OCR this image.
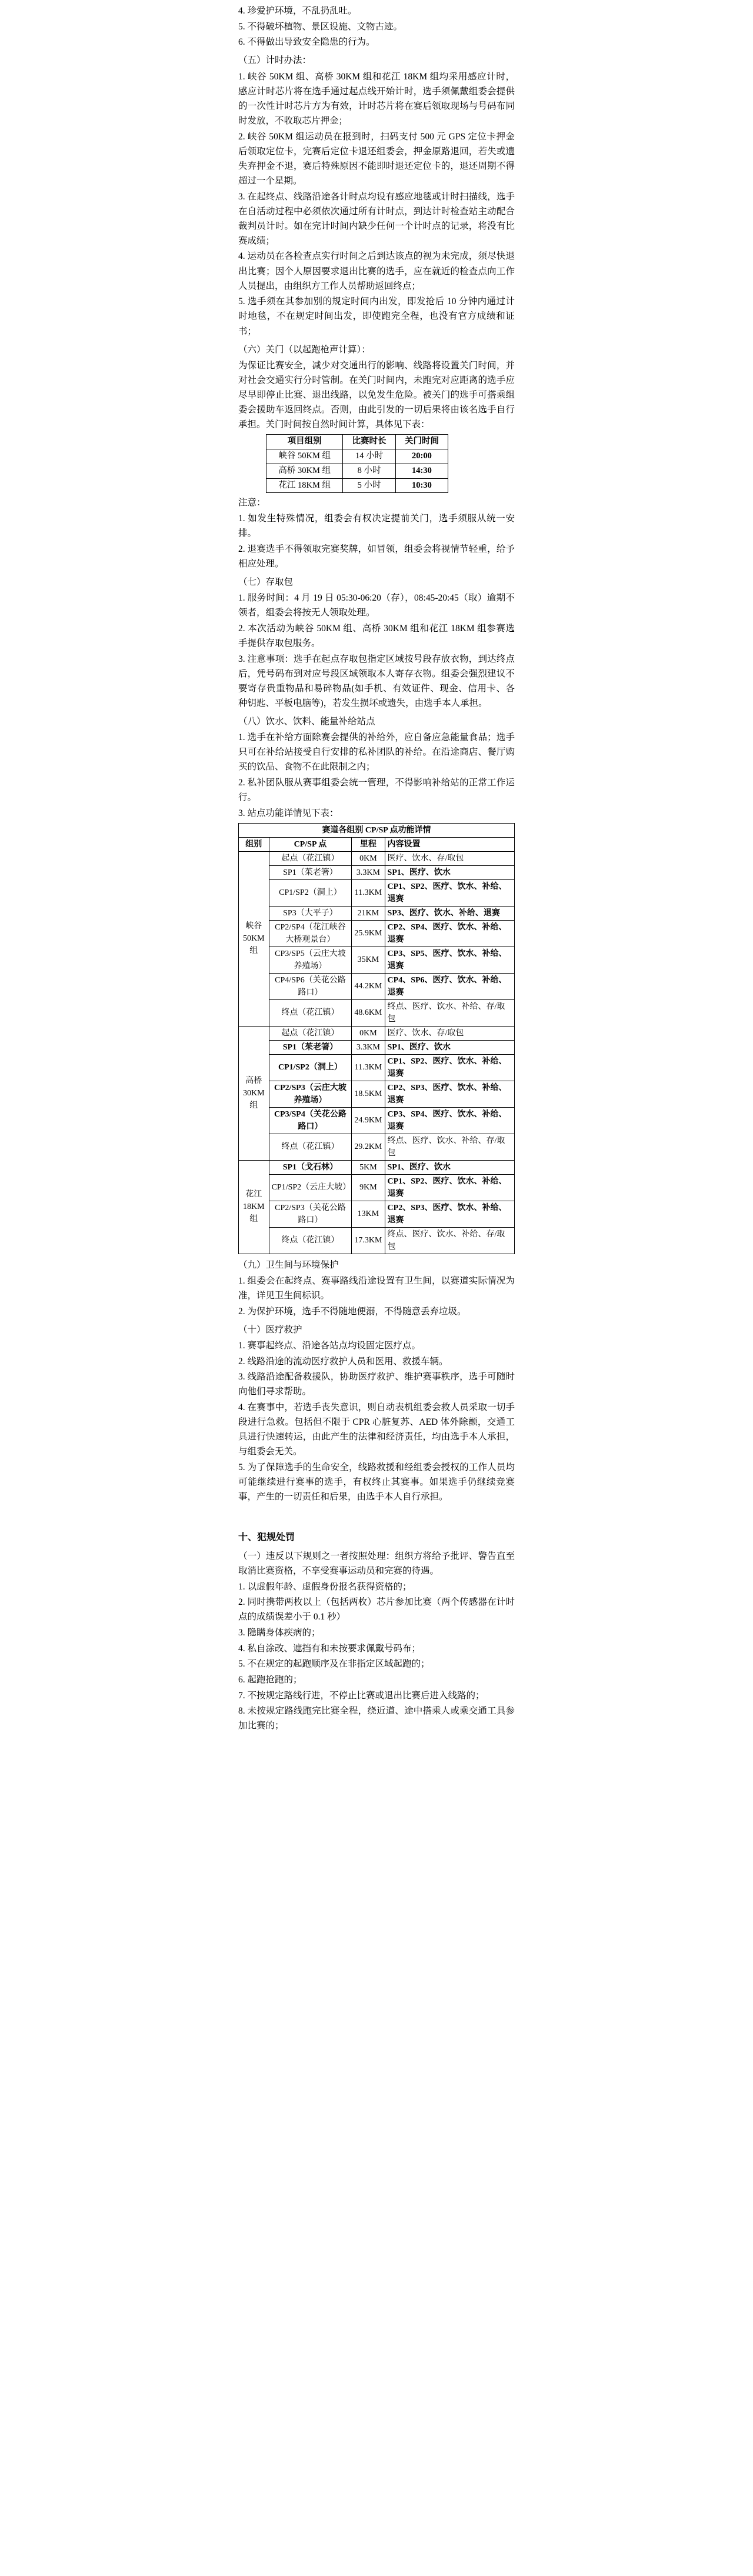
4. 珍爱护环境，不乱扔乱吐。

5. 不得破坏植物、景区设施、文物古迹。

6. 不得做出导致安全隐患的行为。

（五）计时办法：

1. 峡谷 50KM 组、高桥 30KM 组和花江 18KM 组均采用感应计时，感应计时芯片将在选手通过起点线开始计时，选手须佩戴组委会提供的一次性计时芯片方为有效，计时芯片将在赛后领取现场与号码布同时发放，不收取芯片押金；

2. 峡谷 50KM 组运动员在报到时，扫码支付 500 元 GPS 定位卡押金后领取定位卡，完赛后定位卡退还组委会，押金原路退回，若失或遗失弃押金不退，赛后特殊原因不能即时退还定位卡的，退还周期不得超过一个星期。

3. 在起终点、线路沿途各计时点均设有感应地毯或计时扫描线，选手在自活动过程中必须依次通过所有计时点，到达计时检查站主动配合裁判员计时。如在完计时间内缺少任何一个计时点的记录，将没有比赛成绩；

4. 运动员在各检查点实行时间之后到达该点的视为未完成，须尽快退出比赛；因个人原因要求退出比赛的选手，应在就近的检查点向工作人员提出，由组织方工作人员帮助返回终点；

5. 选手须在其参加别的规定时间内出发，即发抢后 10 分钟内通过计时地毯，不在规定时间出发，即使跑完全程，也没有官方成绩和证书；

（六）关门（以起跑枪声计算）：

为保证比赛安全，减少对交通出行的影响、线路将设置关门时间，并对社会交通实行分时管制。在关门时间内，未跑完对应距离的选手应尽早即停止比赛、退出线路，以免发生危险。被关门的选手可搭乘组委会援助车返回终点。否则，由此引发的一切后果将由该名选手自行承担。关门时间按自然时间计算，具体见下表：

项目组别	比赛时长	关门时间
峡谷 50KM 组	14 小时	20:00
高桥 30KM 组	8 小时	14:30
花江 18KM 组	5 小时	10:30

注意：

1. 如发生特殊情况，组委会有权决定提前关门，选手须服从统一安排。

2. 退赛选手不得领取完赛奖牌，如冒领，组委会将视情节轻重，给予相应处理。

（七）存取包

1. 服务时间：4 月 19 日 05:30-06:20（存），08:45-20:45（取）逾期不领者，组委会将按无人领取处理。

2. 本次活动为峡谷 50KM 组、高桥 30KM 组和花江 18KM 组参赛选手提供存取包服务。

3. 注意事项：选手在起点存取包指定区域按号段存放衣物，到达终点后，凭号码布到对应号段区域领取本人寄存衣物。组委会强烈建议不要寄存贵重物品和易碎物品(如手机、有效证件、现金、信用卡、各种钥匙、平板电脑等)，若发生损坏或遗失，由选手本人承担。

（八）饮水、饮料、能量补给站点

1. 选手在补给方面除赛会提供的补给外，应自备应急能量食品；选手只可在补给站接受自行安排的私补团队的补给。在沿途商店、餐厅购买的饮品、食物不在此限制之内；

2. 私补团队服从赛事组委会统一管理，不得影响补给站的正常工作运行。

3. 站点功能详情见下表：

赛道各组别 CP/SP 点功能详情			
组别	CP/SP 点	里程	内容设置
峡谷 50KM 组	起点（花江镇）	0KM	医疗、饮水、存/取包
	SP1（茱老箸）	3.3KM	SP1、医疗、饮水
	CP1/SP2（洞上）	11.3KM	CP1、SP2、医疗、饮水、补给、退赛
	SP3（大平子）	21KM	SP3、医疗、饮水、补给、退赛
	CP2/SP4（花江峡谷大桥观景台）	25.9KM	CP2、SP4、医疗、饮水、补给、退赛
	CP3/SP5（云庄大坡养殖场）	35KM	CP3、SP5、医疗、饮水、补给、退赛
	CP4/SP6（关花公路路口）	44.2KM	CP4、SP6、医疗、饮水、补给、退赛
	终点（花江镇）	48.6KM	终点、医疗、饮水、补给、存/取包
高桥 30KM 组	起点（花江镇）	0KM	医疗、饮水、存/取包
	SP1（茱老箸）	3.3KM	SP1、医疗、饮水
	CP1/SP2（洞上）	11.3KM	CP1、SP2、医疗、饮水、补给、退赛
	CP2/SP3（云庄大坡养殖场）	18.5KM	CP2、SP3、医疗、饮水、补给、退赛
	CP3/SP4（关花公路路口）	24.9KM	CP3、SP4、医疗、饮水、补给、退赛
	终点（花江镇）	29.2KM	终点、医疗、饮水、补给、存/取包
花江 18KM 组	SP1（戈石林）	5KM	SP1、医疗、饮水
	CP1/SP2（云庄大坡）	9KM	CP1、SP2、医疗、饮水、补给、退赛
	CP2/SP3（关花公路路口）	13KM	CP2、SP3、医疗、饮水、补给、退赛
	终点（花江镇）	17.3KM	终点、医疗、饮水、补给、存/取包

（九）卫生间与环境保护

1. 组委会在起终点、赛事路线沿途设置有卫生间，以赛道实际情况为准，详见卫生间标识。

2. 为保护环境，选手不得随地便溺，不得随意丢弃垃圾。

（十）医疗救护

1. 赛事起终点、沿途各站点均设固定医疗点。

2. 线路沿途的流动医疗救护人员和医用、救援车辆。

3. 线路沿途配备救援队，协助医疗救护、维护赛事秩序，选手可随时向他们寻求帮助。

4. 在赛事中，若选手丧失意识，则自动表机组委会救人员采取一切手段进行急救。包括但不限于 CPR 心脏复苏、AED 体外除颤，交通工具进行快速转运，由此产生的法律和经济责任，均由选手本人承担，与组委会无关。

5. 为了保障选手的生命安全，线路救援和经组委会授权的工作人员均可能继续进行赛事的选手，有权终止其赛事。如果选手仍继续竞赛事，产生的一切责任和后果，由选手本人自行承担。

十、犯规处罚

（一）违反以下规则之一者按照处理：组织方将给予批评、警告直至取消比赛资格，不享受赛事运动员和完赛的待遇。

1. 以虚假年龄、虚假身份报名获得资格的；

2. 同时携带两枚以上（包括两枚）芯片参加比赛（两个传感器在计时点的成绩误差小于 0.1 秒）

3. 隐瞒身体疾病的；

4. 私自涂改、遮挡有和未按要求佩戴号码布；

5. 不在规定的起跑顺序及在非指定区域起跑的；

6. 起跑抢跑的；

7. 不按规定路线行进，不停止比赛或退出比赛后进入线路的；

8. 未按规定路线跑完比赛全程，绕近道、途中搭乘人或乘交通工具参加比赛的；
